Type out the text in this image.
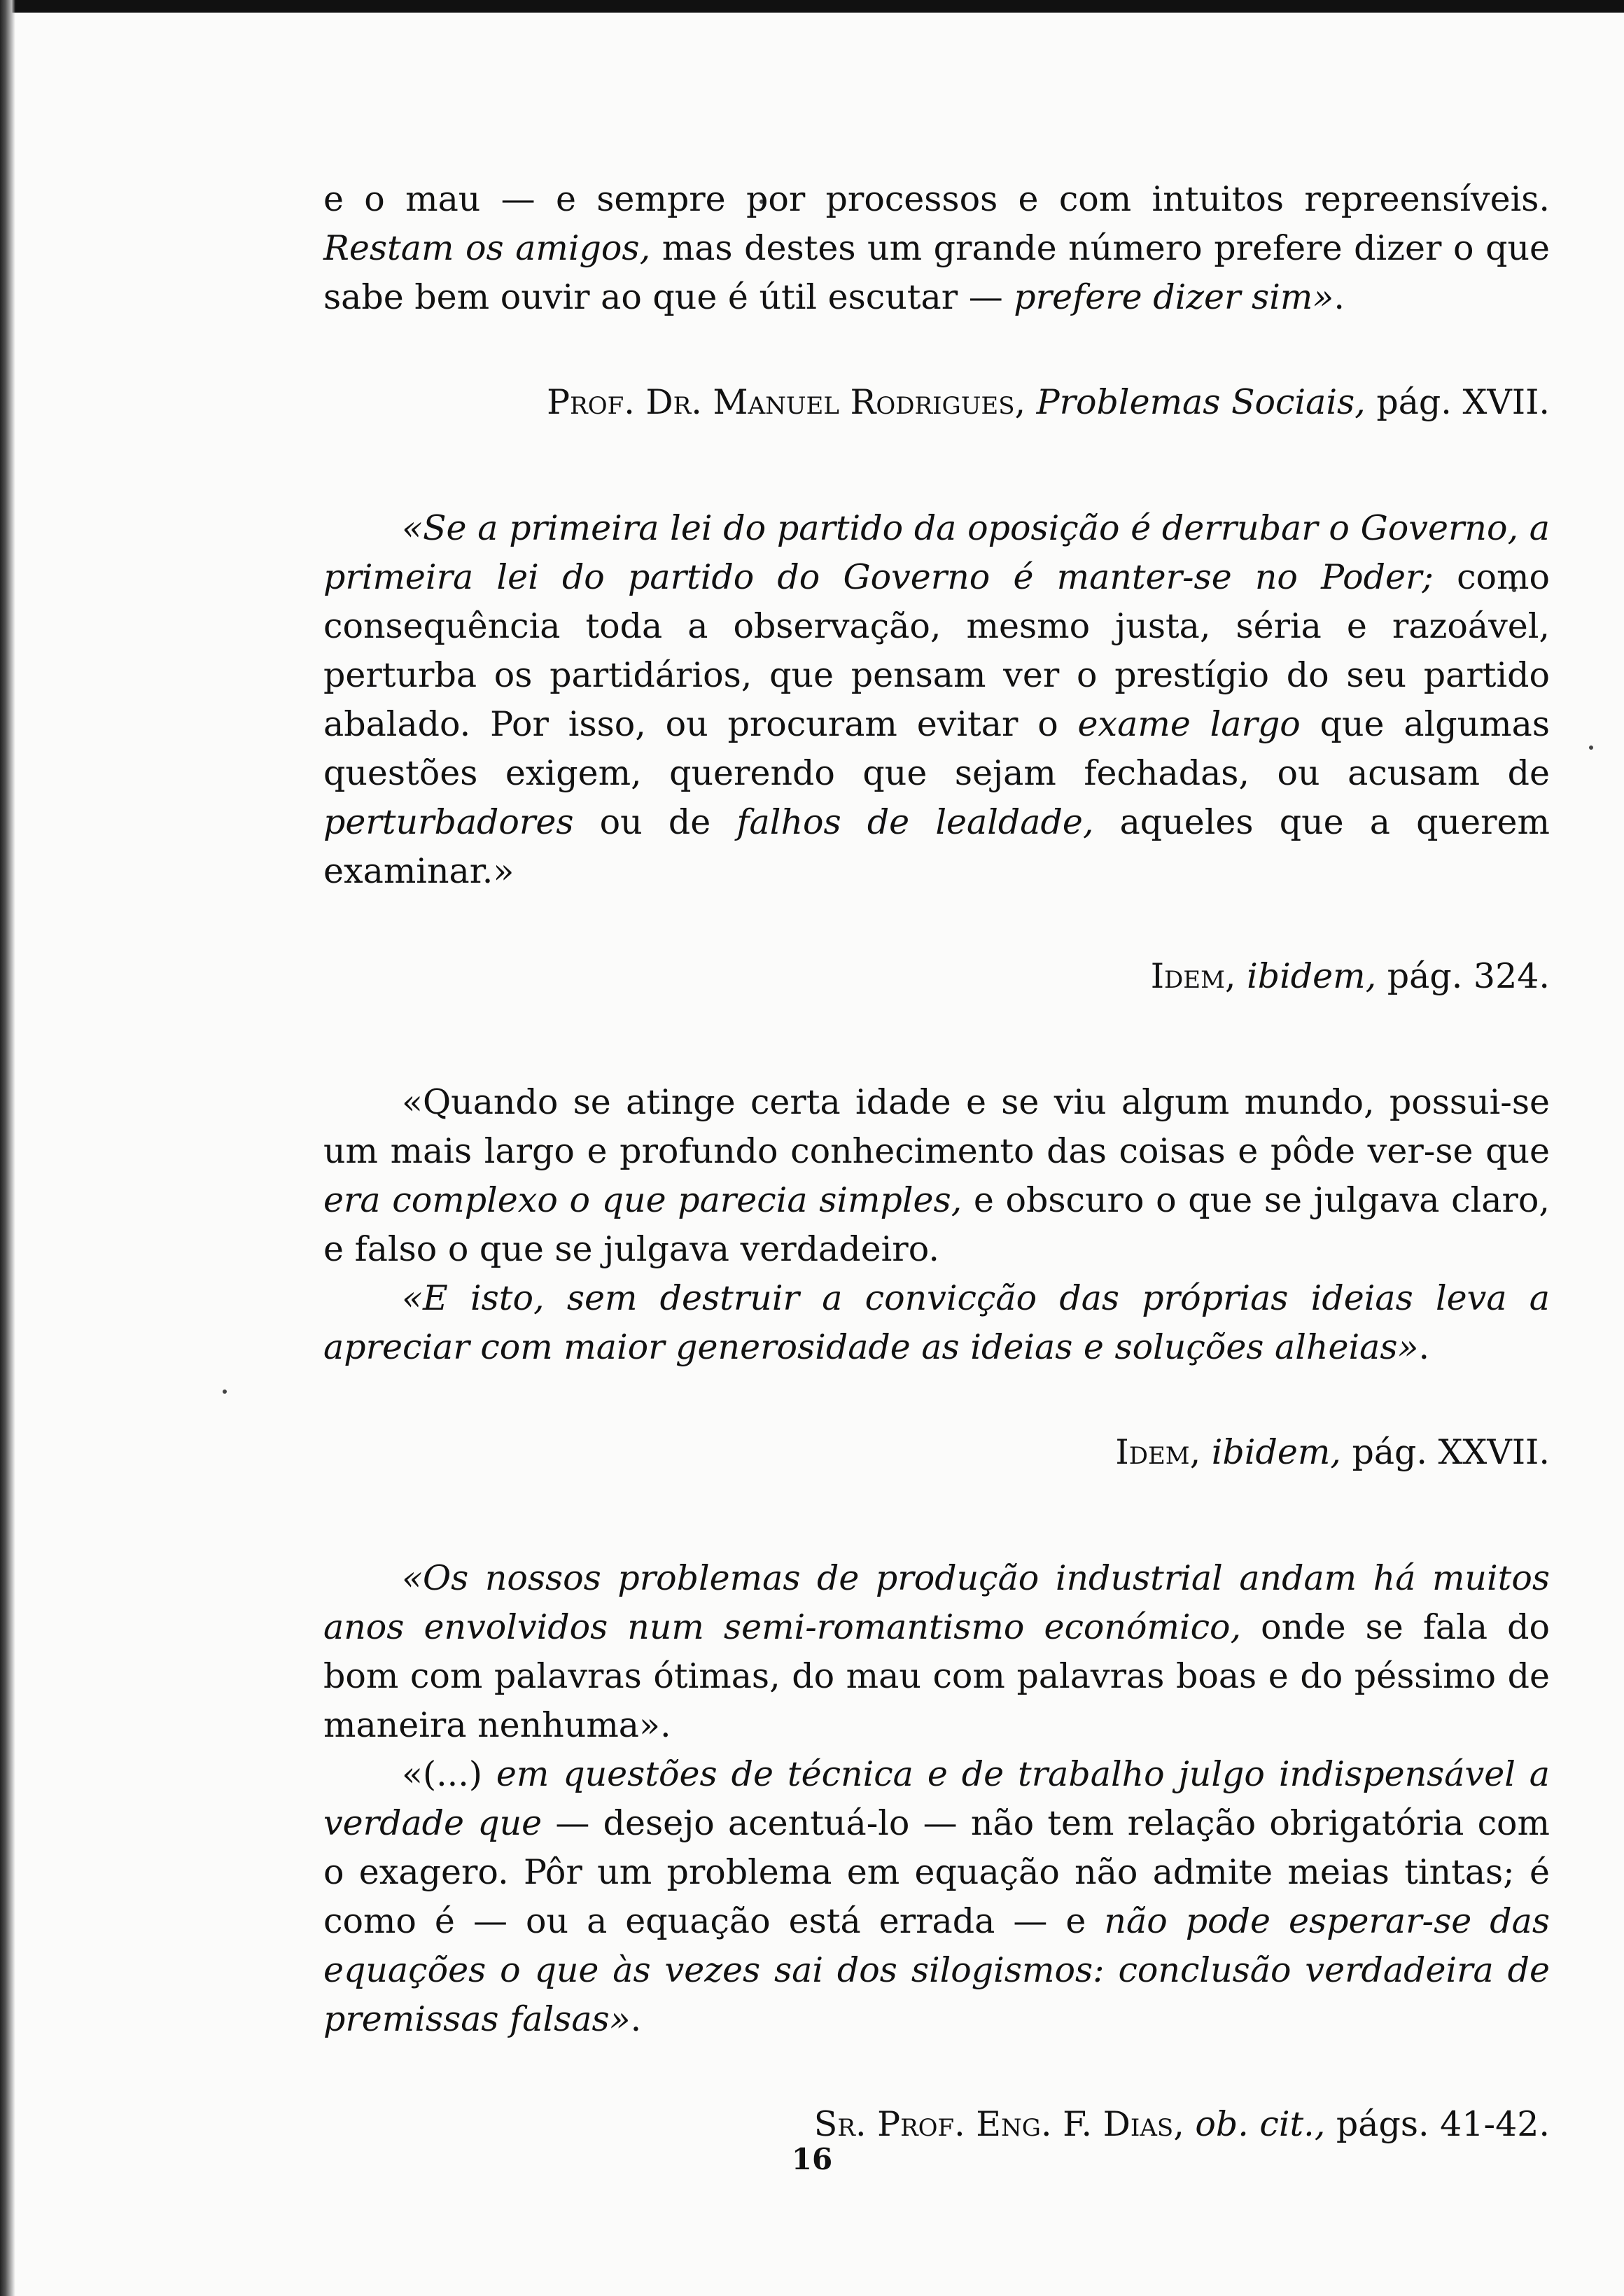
e o mau — e sempre por processos e com intuitos repreensíveis. Restam os amigos, mas destes um grande número prefere dizer o que sabe bem ouvir ao que é útil escutar — prefere dizer sim».

Prof. Dr. Manuel Rodrigues, Problemas Sociais, pág. XVII.

«Se a primeira lei do partido da oposição é derrubar o Governo, a primeira lei do partido do Governo é manter-se no Poder; como consequência toda a observação, mesmo justa, séria e razoável, perturba os partidários, que pensam ver o prestígio do seu partido abalado. Por isso, ou procuram evitar o exame largo que algumas questões exigem, querendo que sejam fechadas, ou acusam de perturbadores ou de falhos de lealdade, aqueles que a querem examinar.»

Idem, ibidem, pág. 324.

«Quando se atinge certa idade e se viu algum mundo, possui-se um mais largo e profundo conhecimento das coisas e pôde ver-se que era complexo o que parecia simples, e obscuro o que se julgava claro, e falso o que se julgava verdadeiro.

«E isto, sem destruir a convicção das próprias ideias leva a apreciar com maior generosidade as ideias e soluções alheias».

Idem, ibidem, pág. XXVII.

«Os nossos problemas de produção industrial andam há muitos anos envolvidos num semi-romantismo económico, onde se fala do bom com palavras ótimas, do mau com palavras boas e do péssimo de maneira nenhuma».

«(...) em questões de técnica e de trabalho julgo indispensável a verdade que — desejo acentuá-lo — não tem relação obrigatória com o exagero. Pôr um problema em equação não admite meias tintas; é como é — ou a equação está errada — e não pode esperar-se das equações o que às vezes sai dos silogismos: conclusão verdadeira de premissas falsas».

Sr. Prof. Eng. F. Dias, ob. cit., págs. 41-42.

16
